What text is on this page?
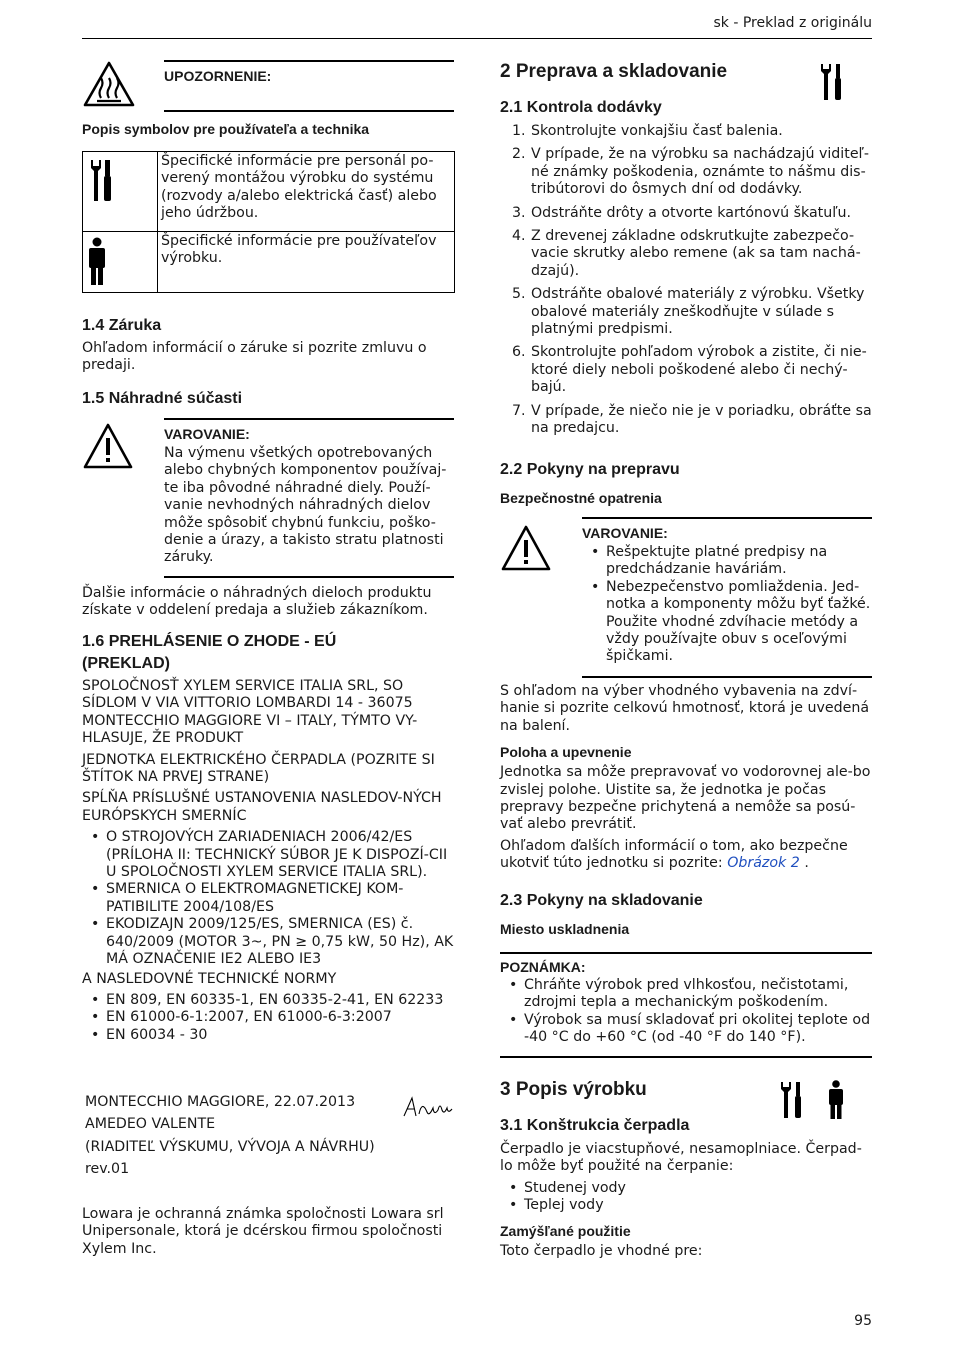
sk - Preklad z originálu
UPOZORNENIE:
Popis symbolov pre používateľa a technika
	Špecifické informácie pre personál po-verený montážou výrobku do systému (rozvody a/alebo elektrická časť) alebo jeho údržbou.
	Špecifické informácie pre používateľov výrobku.
1.4 Záruka

Ohľadom informácií o záruke si pozrite zmluvu o predaji.

1.5 Náhradné súčasti
VAROVANIE:
Na výmenu všetkých opotrebovaných alebo chybných komponentov používaj-te iba pôvodné náhradné diely. Použí-vanie nevhodných náhradných dielov môže spôsobiť chybnú funkciu, poško-denie a úrazy, a takisto stratu platnosti záruky.

Ďalšie informácie o náhradných dieloch produktu získate v oddelení predaja a služieb zákazníkom.

1.6 PREHLÁSENIE O ZHODE - EÚ (PREKLAD)

SPOLOČNOSŤ XYLEM SERVICE ITALIA SRL, SO SÍDLOM V VIA VITTORIO LOMBARDI 14 - 36075 MONTECCHIO MAGGIORE VI – ITALY, TÝMTO VY-HLASUJE, ŽE PRODUKT

JEDNOTKA ELEKTRICKÉHO ČERPADLA (POZRITE SI ŠTÍTOK NA PRVEJ STRANE)

SPĹŇA PRÍSLUŠNÉ USTANOVENIA NASLEDOV-NÝCH EURÓPSKYCH SMERNÍC

• O STROJOVÝCH ZARIADENIACH 2006/42/ES (PRÍLOHA II: TECHNICKÝ SÚBOR JE K DISPOZÍ-CII U SPOLOČNOSTI XYLEM SERVICE ITALIA SRL).
• SMERNICA O ELEKTROMAGNETICKEJ KOM-PATIBILITE 2004/108/ES
• EKODIZAJN 2009/125/ES, SMERNICA (ES) č. 640/2009 (MOTOR 3~, PN ≥ 0,75 kW, 50 Hz), AK MÁ OZNAČENIE IE2 ALEBO IE3

A NASLEDOVNÉ TECHNICKÉ NORMY

• EN 809, EN 60335-1, EN 60335-2-41, EN 62233
• EN 61000-6-1:2007, EN 61000-6-3:2007
• EN 60034 - 30
MONTECCHIO MAGGIORE, 22.07.2013
AMEDEO VALENTE
(RIADITEĽ VÝSKUMU, VÝVOJA A NÁVRHU)
rev.01

Lowara je ochranná známka spoločnosti Lowara srl Unipersonale, ktorá je dcérskou firmou spoločnosti Xylem Inc.

2 Preprava a skladovanie
2.1 Kontrola dodávky
1. Skontrolujte vonkajšiu časť balenia.
2. V prípade, že na výrobku sa nachádzajú viditeľ-né známky poškodenia, oznámte to nášmu dis-tribútorovi do ôsmych dní od dodávky.
3. Odstráňte drôty a otvorte kartónovú škatuľu.
4. Z drevenej základne odskrutkujte zabezpečo-vacie skrutky alebo remene (ak sa tam nachá-dzajú).
5. Odstráňte obalové materiály z výrobku. Všetky obalové materiály zneškodňujte v súlade s platnými predpismi.
6. Skontrolujte pohľadom výrobok a zistite, či nie-ktoré diely neboli poškodené alebo či nechý-bajú.
7. V prípade, že niečo nie je v poriadku, obráťte sa na predajcu.
2.2 Pokyny na prepravu
Bezpečnostné opatrenia
VAROVANIE:
• Rešpektujte platné predpisy na predchádzanie haváriám.
• Nebezpečenstvo pomliaždenia. Jed-notka a komponenty môžu byť ťažké. Použite vhodné zdvíhacie metódy a vždy používajte obuv s oceľovými špičkami.

S ohľadom na výber vhodného vybavenia na zdví-hanie si pozrite celkovú hmotnosť, ktorá je uvedená na balení.

Poloha a upevnenie

Jednotka sa môže prepravovať vo vodorovnej ale-bo zvislej polohe. Uistite sa, že jednotka je počas prepravy bezpečne prichytená a nemôže sa posú-vať alebo prevrátiť.

Ohľadom ďalších informácií o tom, ako bezpečne ukotviť túto jednotku si pozrite: Obrázok 2 .

2.3 Pokyny na skladovanie
Miesto uskladnenia
POZNÁMKA:
• Chráňte výrobok pred vlhkosťou, nečistotami, zdrojmi tepla a mechanickým poškodením.
• Výrobok sa musí skladovať pri okolitej teplote od -40 °C do +60 °C (od -40 °F do 140 °F).
3 Popis výrobku
3.1 Konštrukcia čerpadla

Čerpadlo je viacstupňové, nesamoplniace. Čerpad-lo môže byť použité na čerpanie:

• Studenej vody
• Teplej vody
Zamýšľané použitie

Toto čerpadlo je vhodné pre:

95
